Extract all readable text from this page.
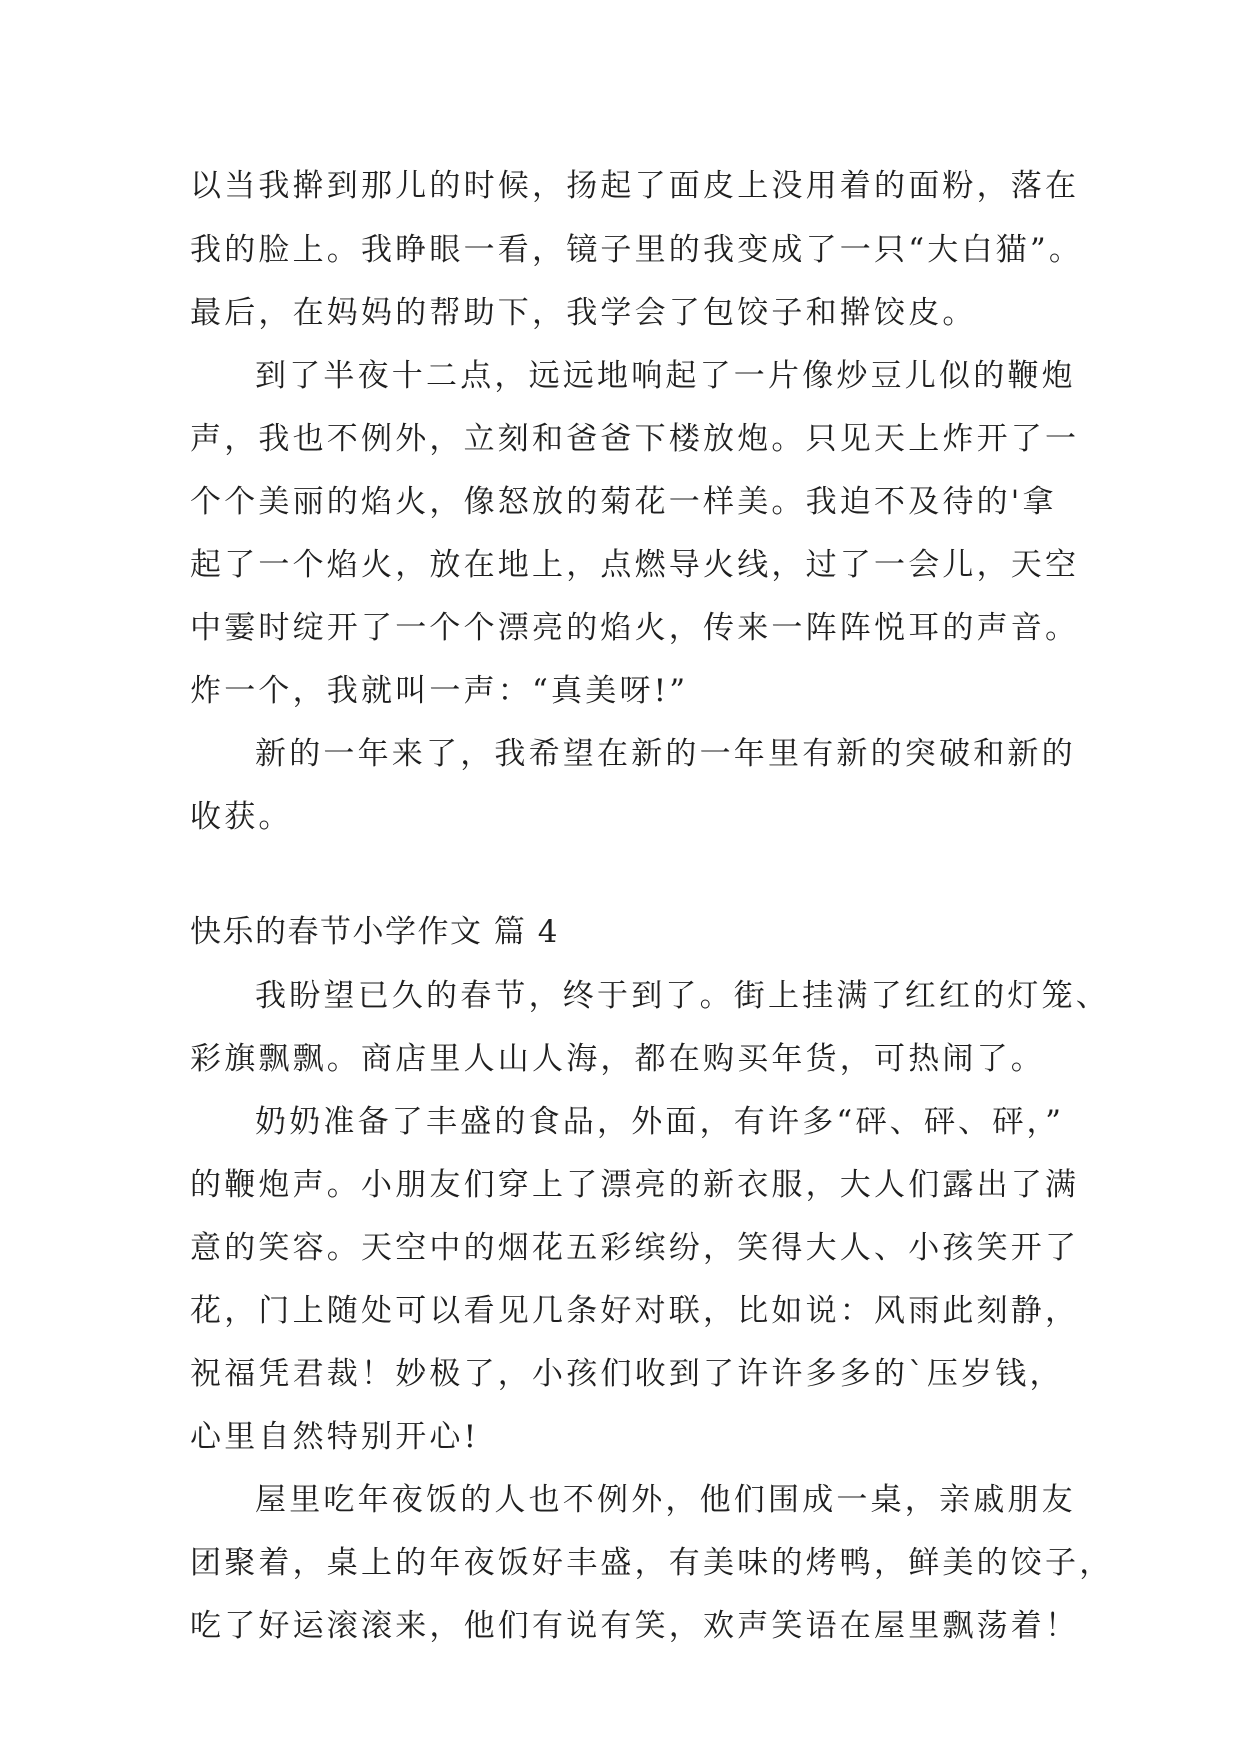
以当我擀到那儿的时候，扬起了面皮上没用着的面粉，落在
我的脸上。我睁眼一看，镜子里的我变成了一只“大白猫”。
最后，在妈妈的帮助下，我学会了包饺子和擀饺皮。
到了半夜十二点，远远地响起了一片像炒豆儿似的鞭炮
声，我也不例外，立刻和爸爸下楼放炮。只见天上炸开了一
个个美丽的焰火，像怒放的菊花一样美。我迫不及待的'拿
起了一个焰火，放在地上，点燃导火线，过了一会儿，天空
中霎时绽开了一个个漂亮的焰火，传来一阵阵悦耳的声音。
炸一个，我就叫一声：“真美呀!”
新的一年来了，我希望在新的一年里有新的突破和新的
收获。
快乐的春节小学作文 篇 4
我盼望已久的春节，终于到了。街上挂满了红红的灯笼、
彩旗飘飘。商店里人山人海，都在购买年货，可热闹了。
奶奶准备了丰盛的食品，外面，有许多“砰、砰、砰，”
的鞭炮声。小朋友们穿上了漂亮的新衣服，大人们露出了满
意的笑容。天空中的烟花五彩缤纷，笑得大人、小孩笑开了
花，门上随处可以看见几条好对联，比如说：风雨此刻静，
祝福凭君裁！妙极了，小孩们收到了许许多多的`压岁钱，
心里自然特别开心!
屋里吃年夜饭的人也不例外，他们围成一桌，亲戚朋友
团聚着，桌上的年夜饭好丰盛，有美味的烤鸭，鲜美的饺子，
吃了好运滚滚来，他们有说有笑，欢声笑语在屋里飘荡着！
